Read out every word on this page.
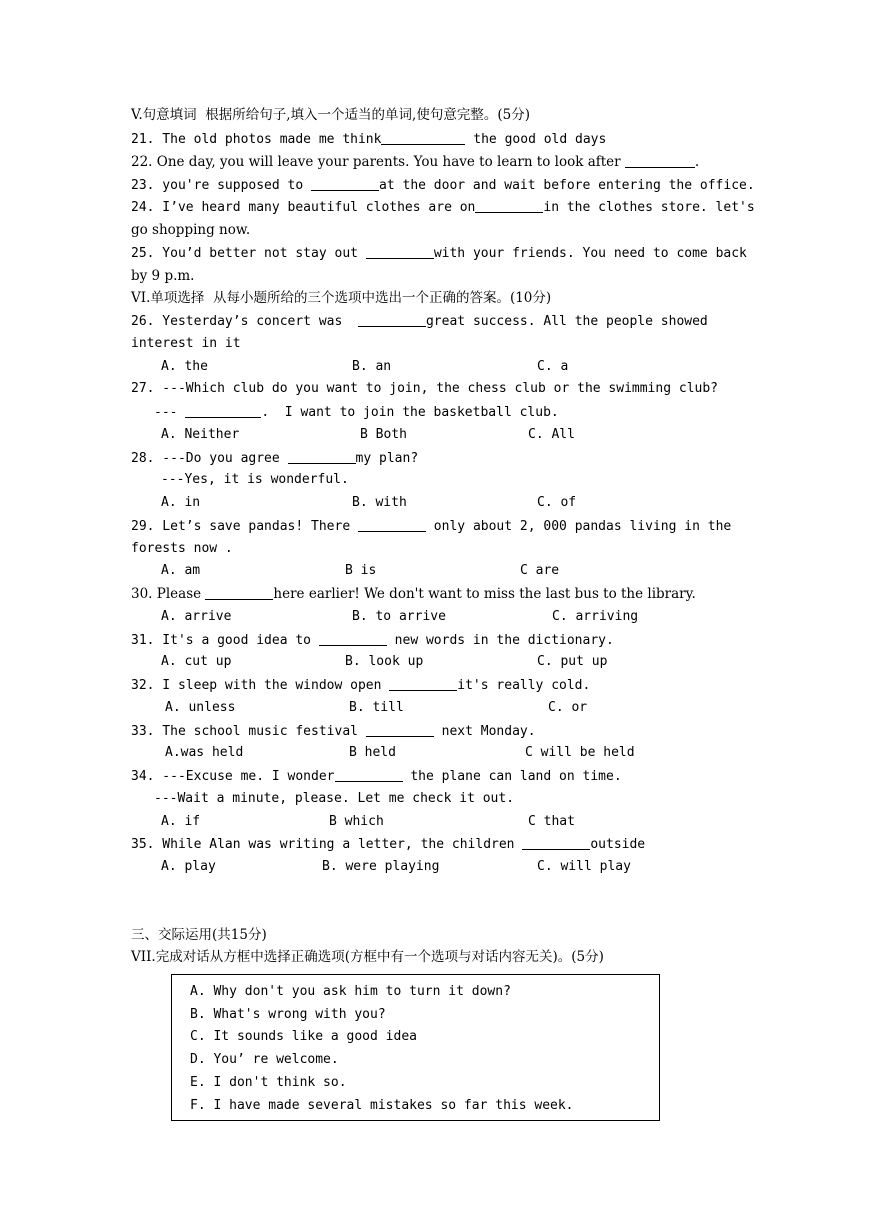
V.句意填词  根据所给句子,填入一个适当的单词,使句意完整。(5分)
21. The old photos made me think	the good old days
22. One day, you will leave your parents. You have to learn to look after	.
23. you're supposed to	at the door and wait before entering the office.
24. I’ve heard many beautiful clothes are on	in the clothes store. let's
go shopping now.
25. You’d better not stay out	with your friends. You need to come back
by 9 p.m.
VI.单项选择  从每小题所给的三个选项中选出一个正确的答案。(10分)
26. Yesterday’s concert was	great success. All the people showed
interest in it
A. the	B. an	C. a
27. ---Which club do you want to join, the chess club or the swimming club?
---	.  I want to join the basketball club.
A. Neither	B Both	C. All
28. ---Do you agree	my plan?
---Yes, it is wonderful.
A. in	B. with	C. of
29. Let’s save pandas! There	only about 2, 000 pandas living in the
forests now .
A. am	B is	C are
30. Please	here earlier! We don't want to miss the last bus to the library.
A. arrive	B. to arrive	C. arriving
31. It's a good idea to	new words in the dictionary.
A. cut up	B. look up	C. put up
32. I sleep with the window open	it's really cold.
A. unless	B. till	C. or
33. The school music festival	next Monday.
A.was held	B held	C will be held
34. ---Excuse me. I wonder	the plane can land on time.
---Wait a minute, please. Let me check it out.
A. if	B which	C that
35. While Alan was writing a letter, the children	outside
A. play	B. were playing	C. will play
三、交际运用(共15分)
VII.完成对话从方框中选择正确选项(方框中有一个选项与对话内容无关)。(5分)
A. Why don't you ask him to turn it down?
B. What's wrong with you?
C. It sounds like a good idea
D. You’ re welcome.
E. I don't think so.
F. I have made several mistakes so far this week.
